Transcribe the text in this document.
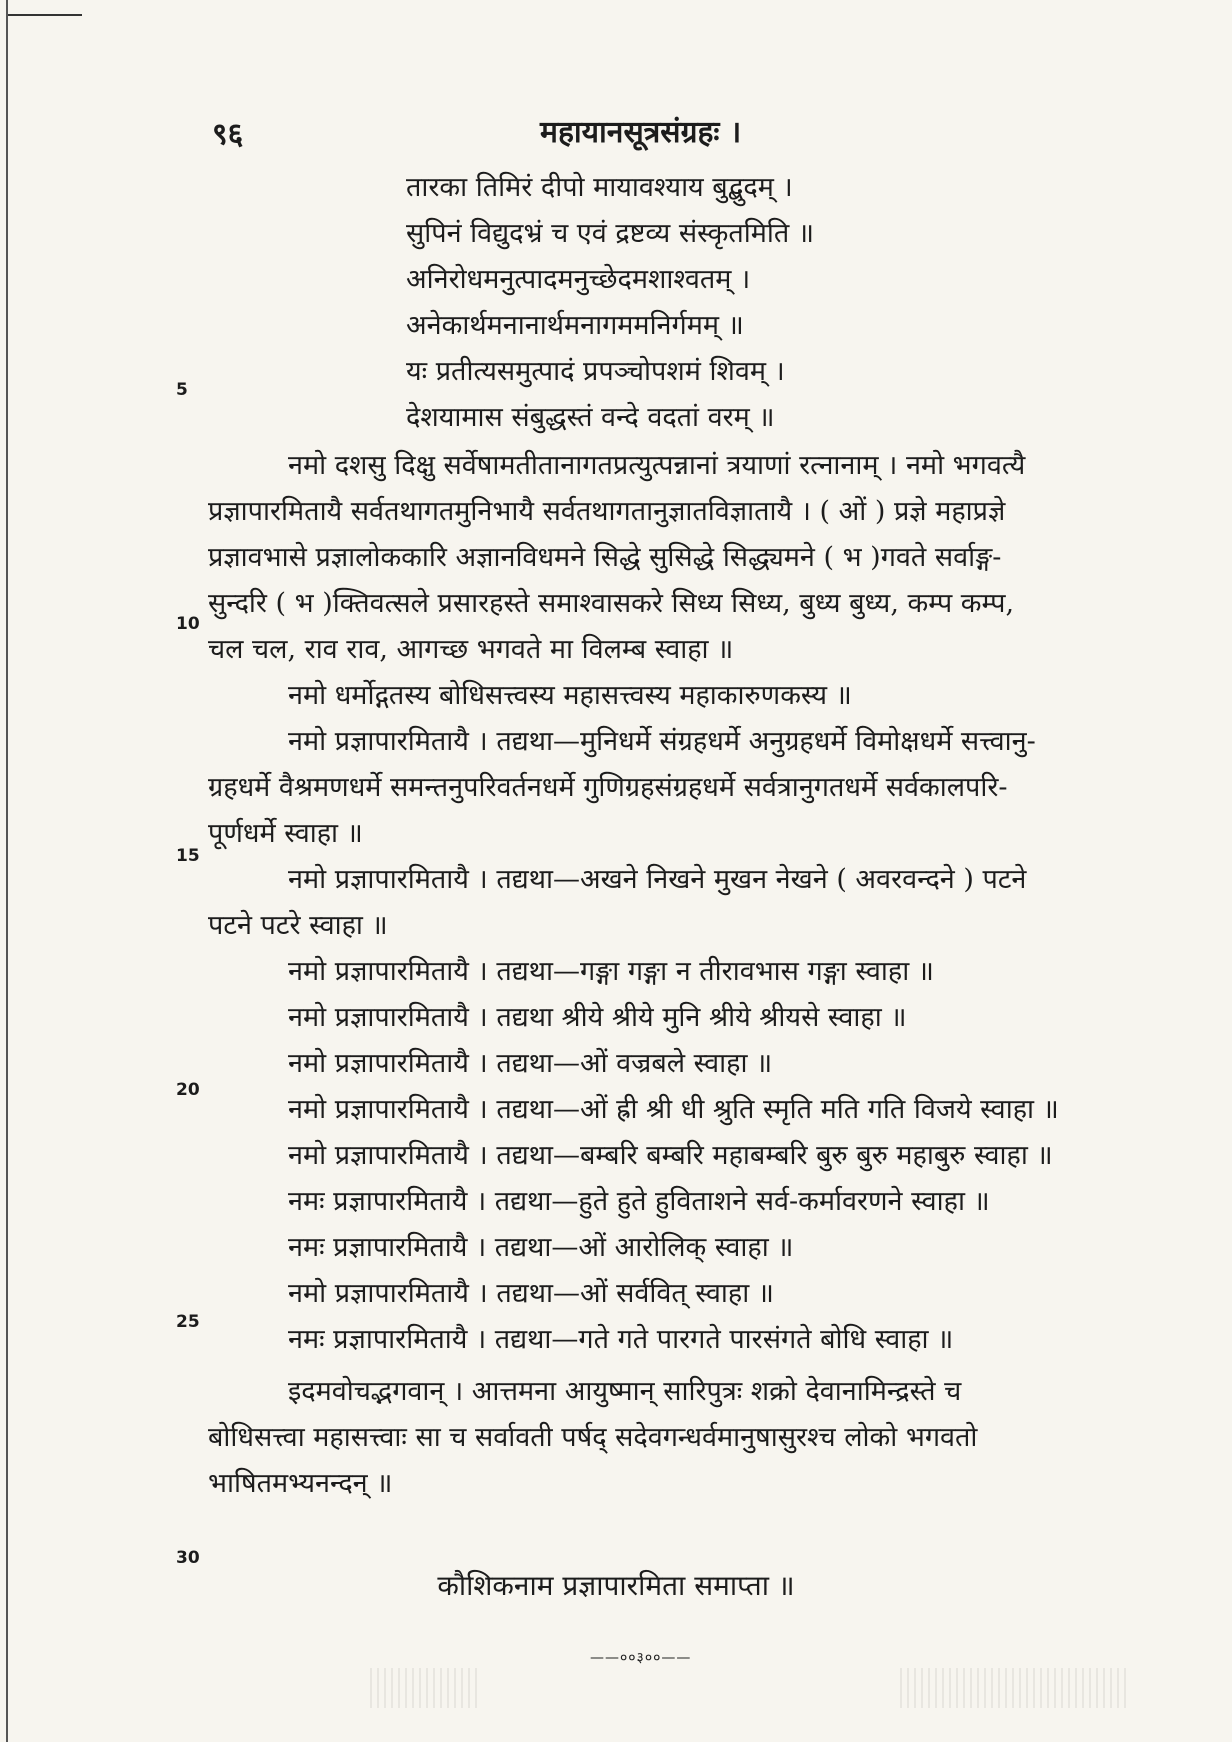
९६	महायानसूत्रसंग्रहः ।
तारका तिमिरं दीपो मायावश्याय बुद्बुदम् ।
सुपिनं विद्युदभ्रं च एवं द्रष्टव्य संस्कृतमिति ॥
अनिरोधमनुत्पादमनुच्छेदमशाश्वतम् ।
अनेकार्थमनानार्थमनागममनिर्गमम् ॥
यः प्रतीत्यसमुत्पादं प्रपञ्चोपशमं शिवम् ।
देशयामास संबुद्धस्तं वन्दे वदतां वरम् ॥
नमो दशसु दिक्षु सर्वेषामतीतानागतप्रत्युत्पन्नानां त्रयाणां रत्नानाम् । नमो भगवत्यै
प्रज्ञापारमितायै सर्वतथागतमुनिभायै सर्वतथागतानुज्ञातविज्ञातायै । ( ओं ) प्रज्ञे महाप्रज्ञे
प्रज्ञावभासे प्रज्ञालोककारि अज्ञानविधमने सिद्धे सुसिद्धे सिद्ध्यमने ( भ )गवते सर्वाङ्ग-
सुन्दरि ( भ )क्तिवत्सले प्रसारहस्ते समाश्वासकरे सिध्य सिध्य, बुध्य बुध्य, कम्प कम्प,
चल चल, राव राव, आगच्छ भगवते मा विलम्ब स्वाहा ॥
नमो धर्मोद्गतस्य बोधिसत्त्वस्य महासत्त्वस्य महाकारुणकस्य ॥
नमो प्रज्ञापारमितायै । तद्यथा—मुनिधर्मे संग्रहधर्मे अनुग्रहधर्मे विमोक्षधर्मे सत्त्वानु-
ग्रहधर्मे वैश्रमणधर्मे समन्तनुपरिवर्तनधर्मे गुणिग्रहसंग्रहधर्मे सर्वत्रानुगतधर्मे सर्वकालपरि-
पूर्णधर्मे स्वाहा ॥
नमो प्रज्ञापारमितायै । तद्यथा—अखने निखने मुखन नेखने ( अवरवन्दने ) पटने
पटने पटरे स्वाहा ॥
नमो प्रज्ञापारमितायै । तद्यथा—गङ्गा गङ्गा न तीरावभास गङ्गा स्वाहा ॥
नमो प्रज्ञापारमितायै । तद्यथा श्रीये श्रीये मुनि श्रीये श्रीयसे स्वाहा ॥
नमो प्रज्ञापारमितायै । तद्यथा—ओं वज्रबले स्वाहा ॥
नमो प्रज्ञापारमितायै । तद्यथा—ओं ह्री श्री धी श्रुति स्मृति मति गति विजये स्वाहा ॥
नमो प्रज्ञापारमितायै । तद्यथा—बम्बरि बम्बरि महाबम्बरि बुरु बुरु महाबुरु स्वाहा ॥
नमः प्रज्ञापारमितायै । तद्यथा—हुते हुते हुविताशने सर्व-कर्मावरणने स्वाहा ॥
नमः प्रज्ञापारमितायै । तद्यथा—ओं आरोलिक् स्वाहा ॥
नमो प्रज्ञापारमितायै । तद्यथा—ओं सर्ववित् स्वाहा ॥
नमः प्रज्ञापारमितायै । तद्यथा—गते गते पारगते पारसंगते बोधि स्वाहा ॥
इदमवोचद्भगवान् । आत्तमना आयुष्मान् सारिपुत्रः शक्रो देवानामिन्द्रस्ते च
बोधिसत्त्वा महासत्त्वाः सा च सर्वावती पर्षद् सदेवगन्धर्वमानुषासुरश्च लोको भगवतो
भाषितमभ्यनन्दन् ॥
कौशिकनाम प्रज्ञापारमिता समाप्ता ॥
——००३००——
5
10
15
20
25
30
